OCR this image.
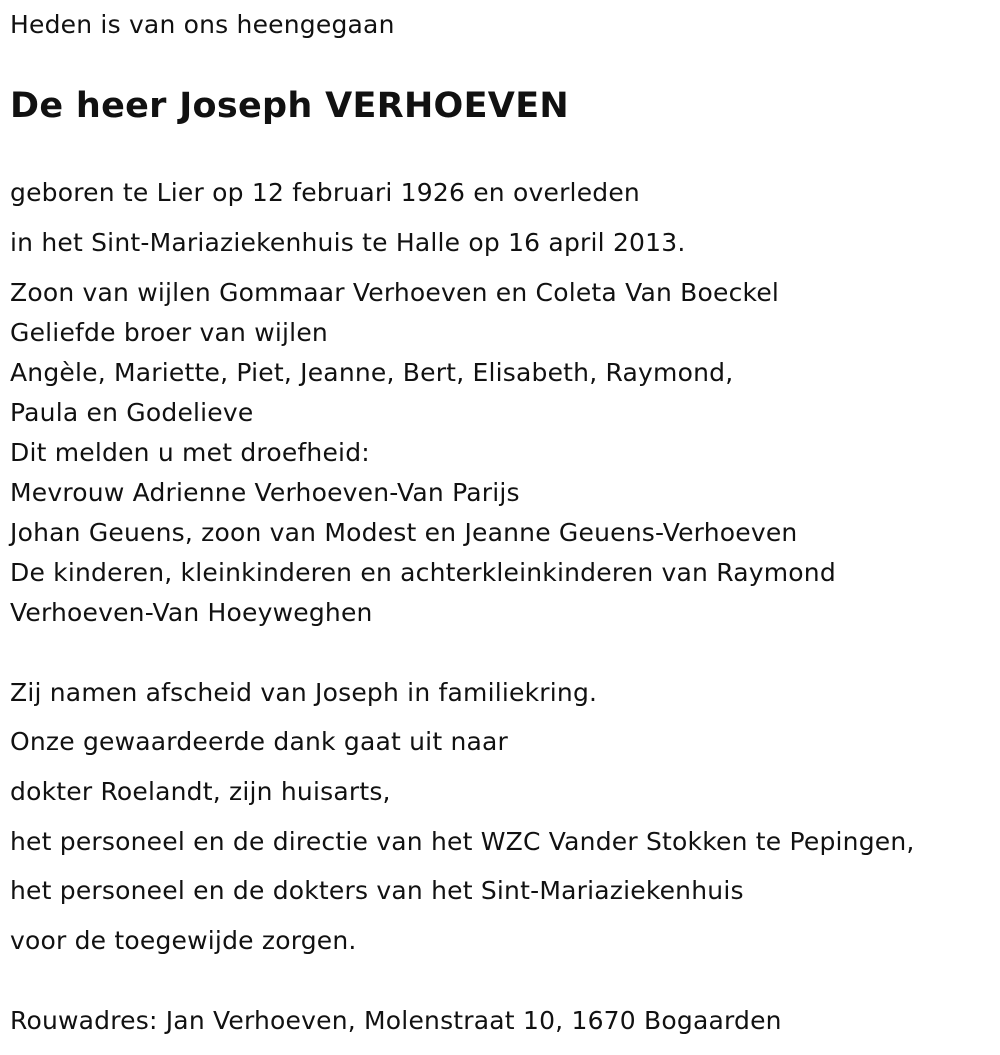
Heden is van ons heengegaan

De heer Joseph VERHOEVEN

geboren te Lier op 12 februari 1926 en overleden

in het Sint-Mariaziekenhuis te Halle op 16 april 2013.

Zoon van wijlen Gommaar Verhoeven en Coleta Van Boeckel

Geliefde broer van wijlen

Angèle, Mariette, Piet, Jeanne, Bert, Elisabeth, Raymond,

Paula en Godelieve

Dit melden u met droefheid:

Mevrouw Adrienne Verhoeven-Van Parijs

Johan Geuens, zoon van Modest en Jeanne Geuens-Verhoeven

De kinderen, kleinkinderen en achterkleinkinderen van Raymond

Verhoeven-Van Hoeyweghen

Zij namen afscheid van Joseph in familiekring.

Onze gewaardeerde dank gaat uit naar

dokter Roelandt, zijn huisarts,

het personeel en de directie van het WZC Vander Stokken te Pepingen,

het personeel en de dokters van het Sint-Mariaziekenhuis

voor de toegewijde zorgen.

Rouwadres: Jan Verhoeven, Molenstraat 10, 1670 Bogaarden
